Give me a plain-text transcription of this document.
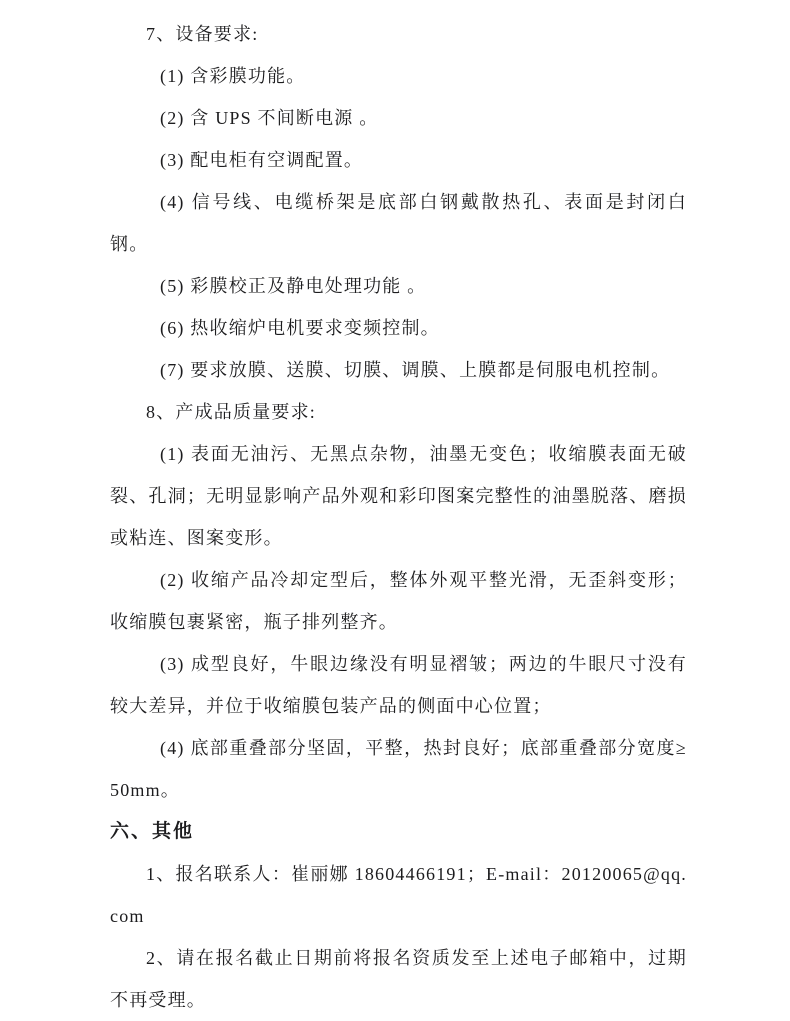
7、设备要求:

(1) 含彩膜功能。

(2) 含 UPS 不间断电源 。

(3) 配电柜有空调配置。

(4) 信号线、电缆桥架是底部白钢戴散热孔、表面是封闭白钢。

(5) 彩膜校正及静电处理功能 。

(6) 热收缩炉电机要求变频控制。

(7) 要求放膜、送膜、切膜、调膜、上膜都是伺服电机控制。

8、产成品质量要求:

(1) 表面无油污、无黑点杂物，油墨无变色；收缩膜表面无破裂、孔洞；无明显影响产品外观和彩印图案完整性的油墨脱落、磨损或粘连、图案变形。

(2) 收缩产品冷却定型后，整体外观平整光滑，无歪斜变形；收缩膜包裹紧密，瓶子排列整齐。

(3) 成型良好，牛眼边缘没有明显褶皱；两边的牛眼尺寸没有较大差异，并位于收缩膜包装产品的侧面中心位置；

(4) 底部重叠部分坚固，平整，热封良好；底部重叠部分宽度≥50mm。

六、其他

1、报名联系人：崔丽娜 18604466191；E-mail：20120065@qq.com

2、请在报名截止日期前将报名资质发至上述电子邮箱中，过期不再受理。
